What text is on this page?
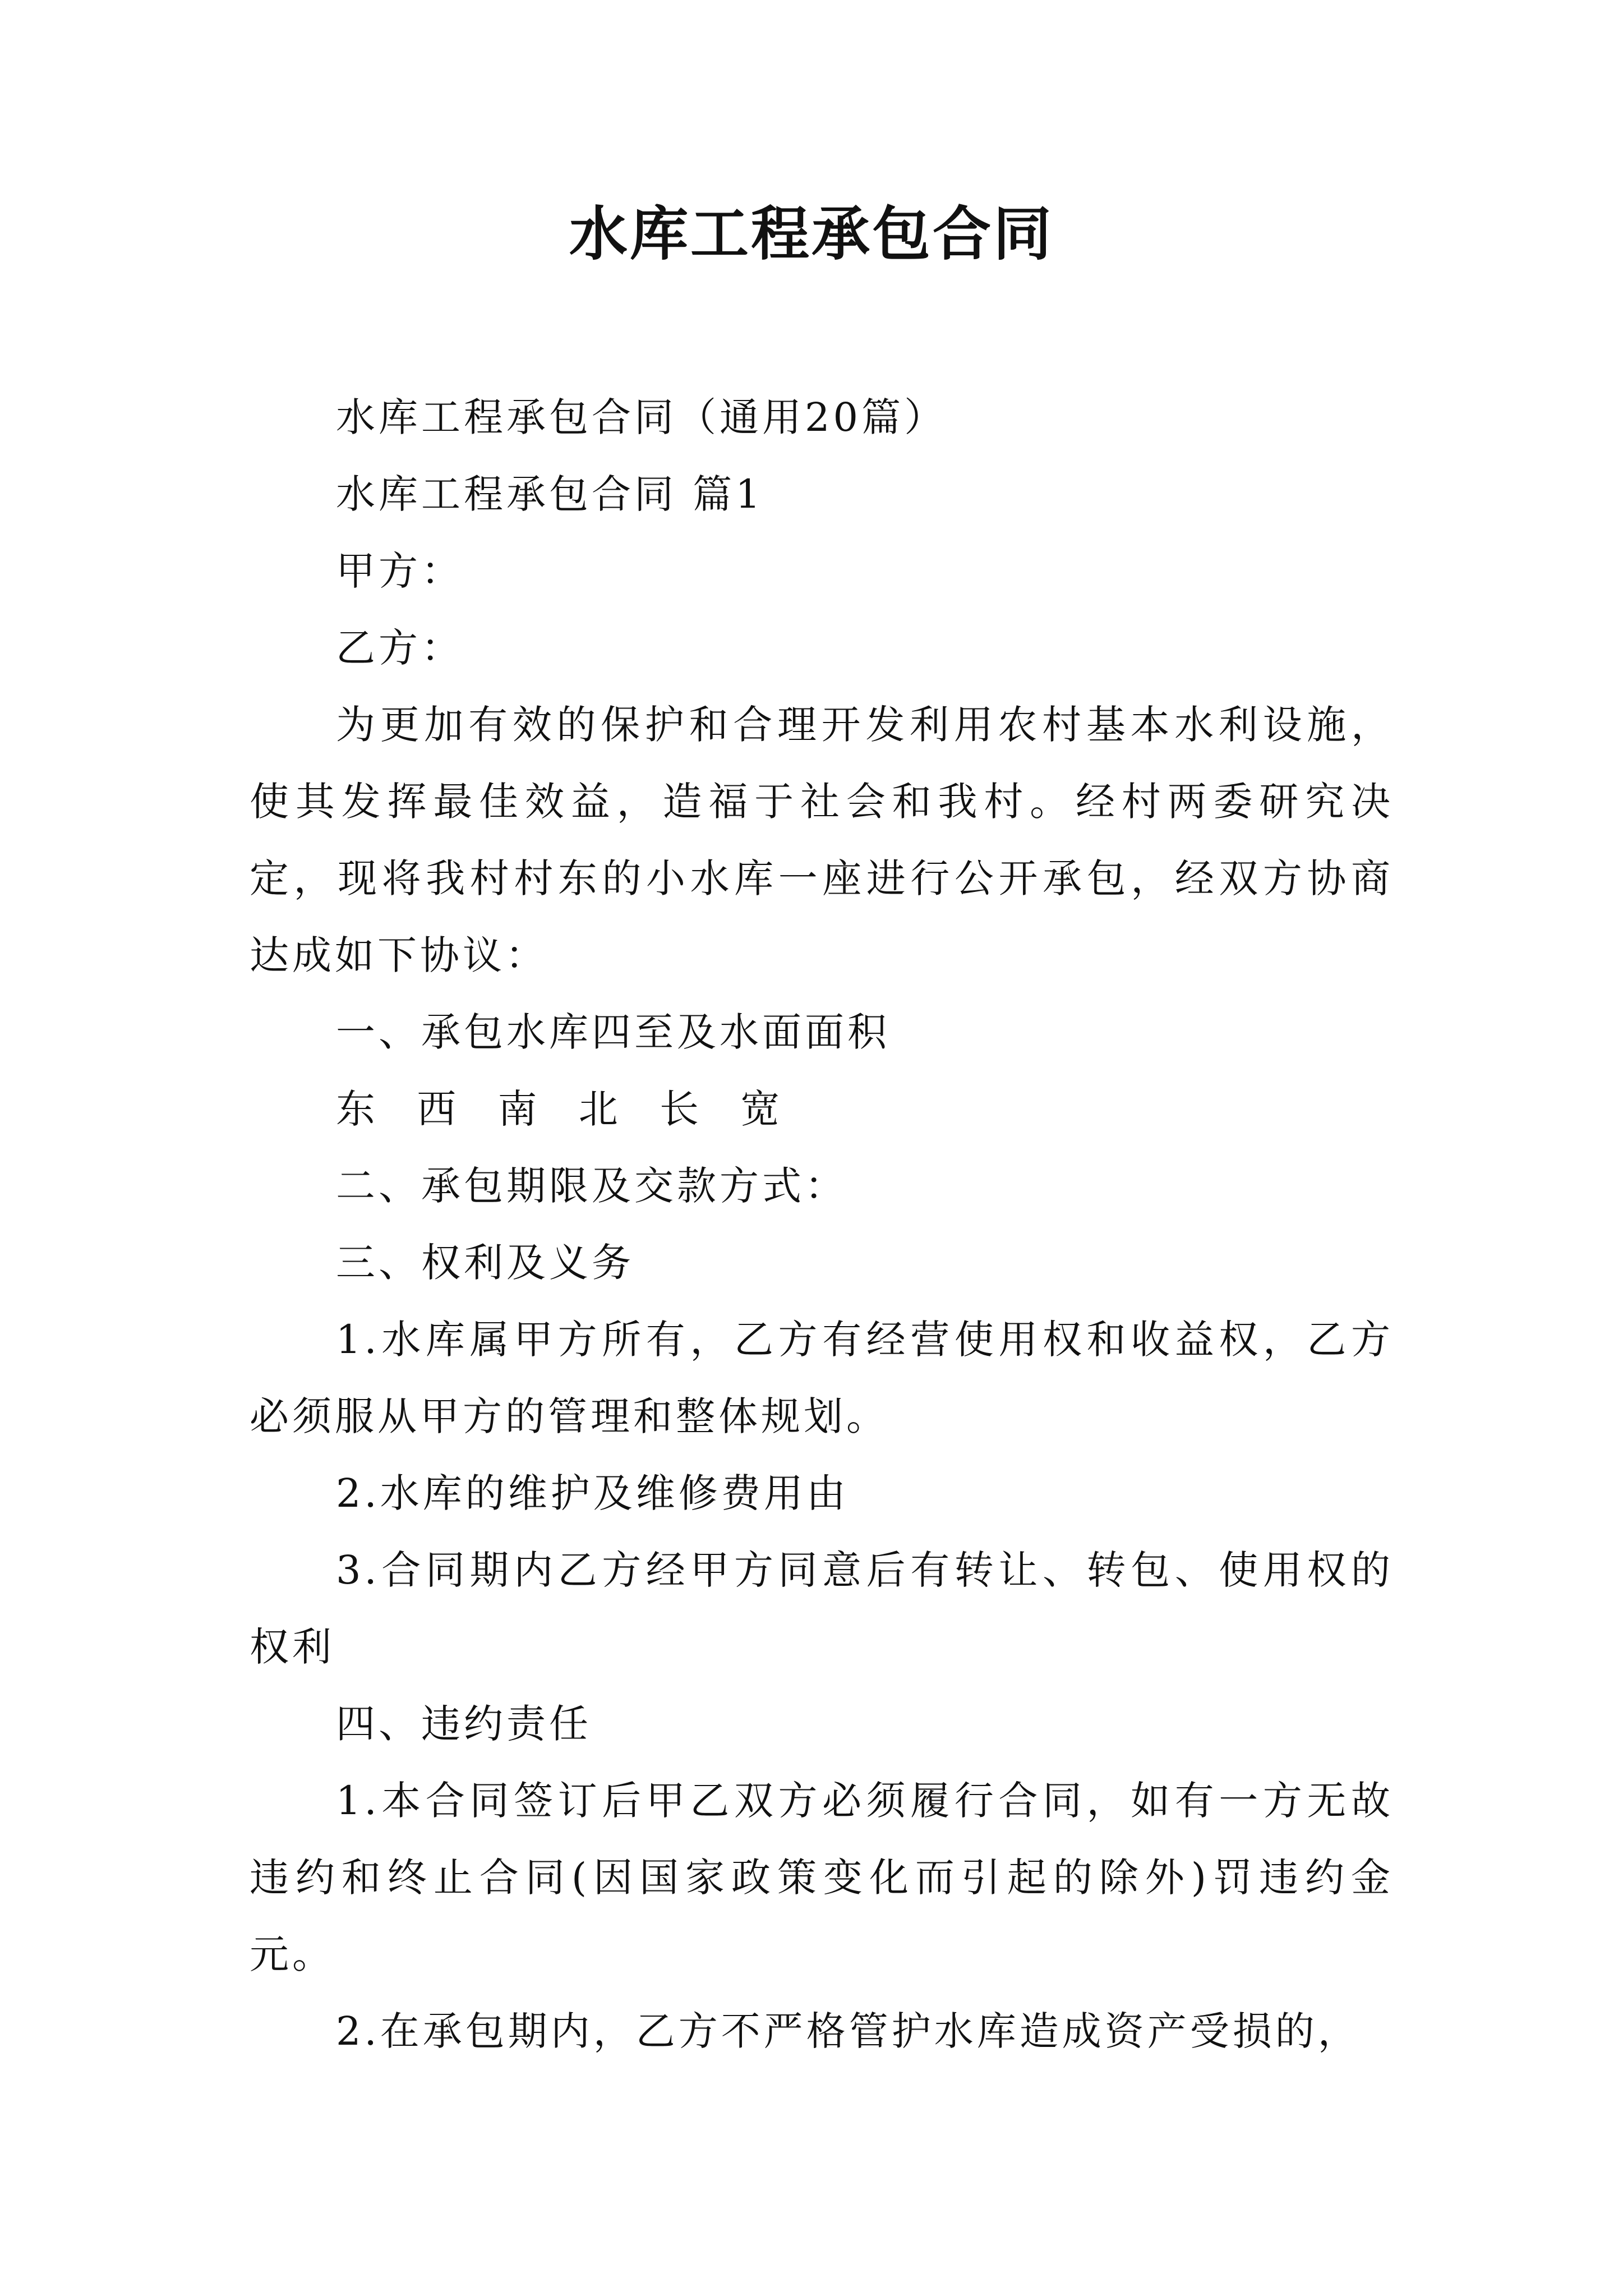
水库工程承包合同

水库工程承包合同（通用20篇）

水库工程承包合同 篇1

甲方：

乙方：

为更加有效的保护和合理开发利用农村基本水利设施，使其发挥最佳效益，造福于社会和我村。经村两委研究决定，现将我村村东的小水库一座进行公开承包，经双方协商达成如下协议：

一、承包水库四至及水面面积

东 西 南 北 长 宽

二、承包期限及交款方式：

三、权利及义务

1.水库属甲方所有，乙方有经营使用权和收益权，乙方必须服从甲方的管理和整体规划。

2.水库的维护及维修费用由

3.合同期内乙方经甲方同意后有转让、转包、使用权的权利

四、违约责任

1.本合同签订后甲乙双方必须履行合同，如有一方无故违约和终止合同(因国家政策变化而引起的除外)罚违约金 元。

2.在承包期内，乙方不严格管护水库造成资产受损的，
